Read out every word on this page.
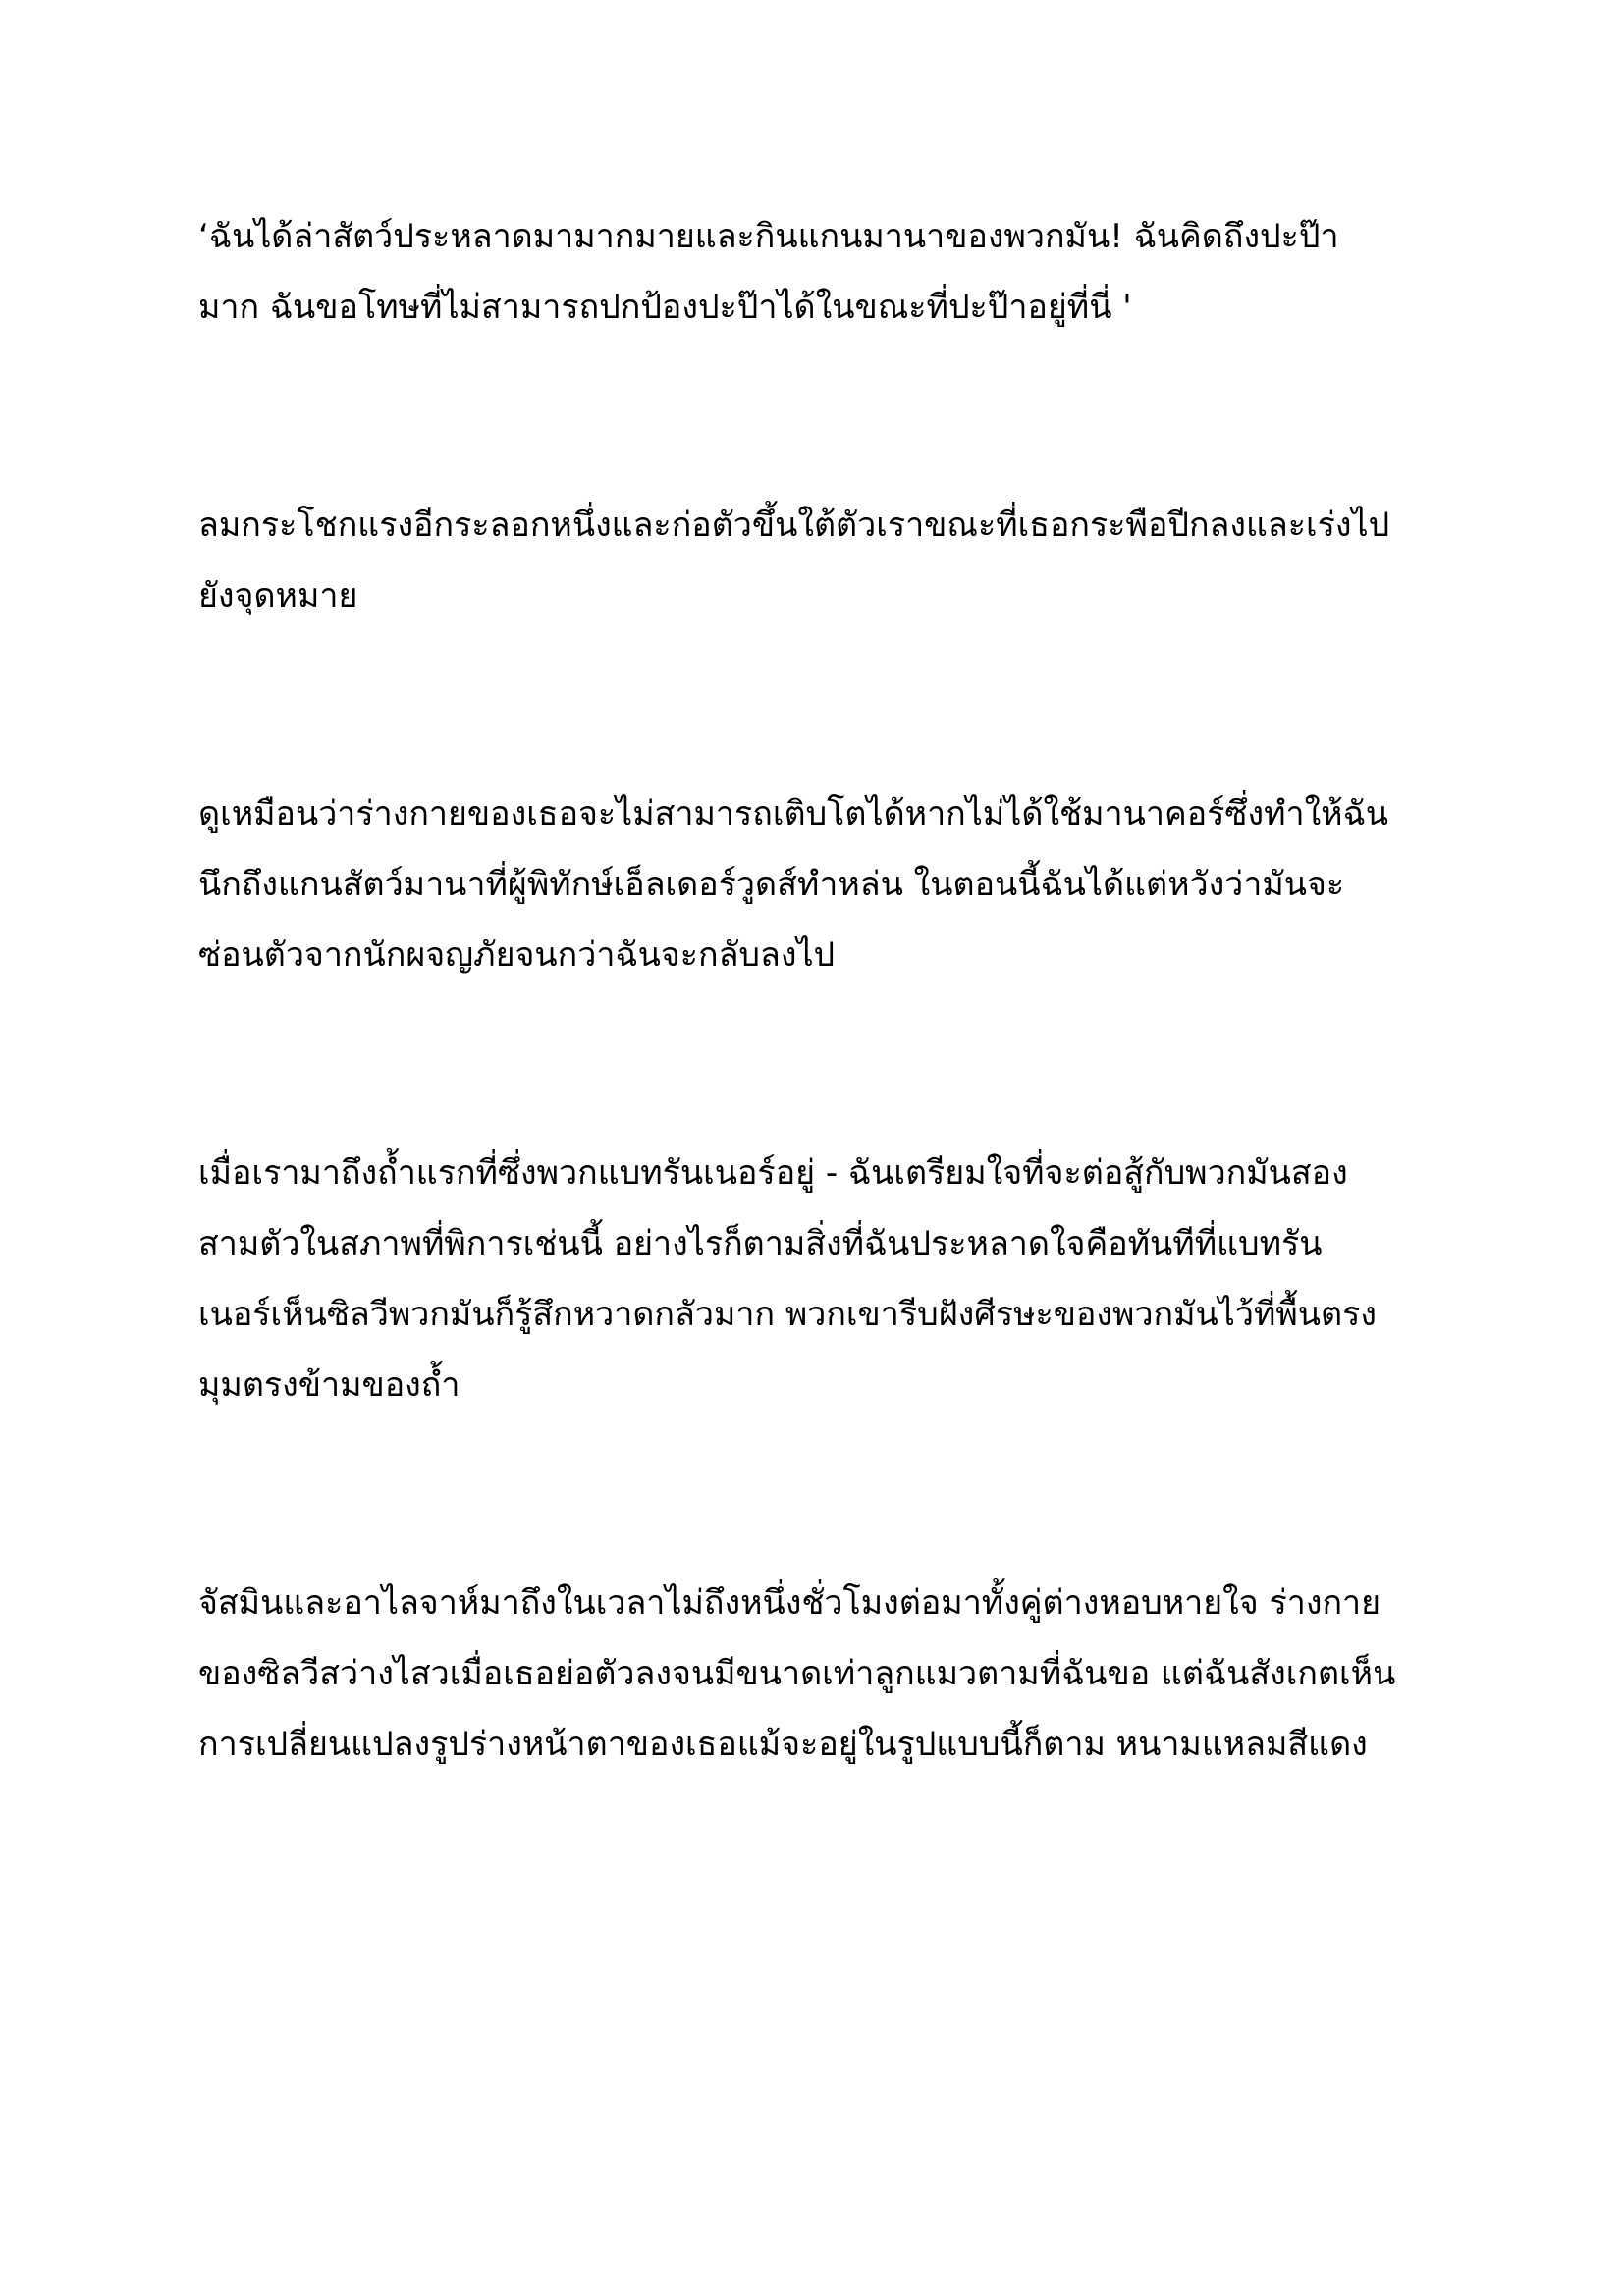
‘ฉันได้ล่าสัตว์ประหลาดมามากมายและกินแกนมานาของพวกมัน! ฉันคิดถึงปะป๊า
มาก ฉันขอโทษที่ไม่สามารถปกป้องปะป๊าได้ในขณะที่ปะป๊าอยู่ที่นี่ '

ลมกระโชกแรงอีกระลอกหนึ่งและก่อตัวขึ้นใต้ตัวเราขณะที่เธอกระพือปีกลงและเร่งไป
ยังจุดหมาย

ดูเหมือนว่าร่างกายของเธอจะไม่สามารถเติบโตได้หากไม่ได้ใช้มานาคอร์ซึ่งทำให้ฉัน
นึกถึงแกนสัตว์มานาที่ผู้พิทักษ์เอ็ลเดอร์วูดส์ทำหล่น ในตอนนี้ฉันได้แต่หวังว่ามันจะ
ซ่อนตัวจากนักผจญภัยจนกว่าฉันจะกลับลงไป

เมื่อเรามาถึงถ้ำแรกที่ซึ่งพวกแบทรันเนอร์อยู่ - ฉันเตรียมใจที่จะต่อสู้กับพวกมันสอง
สามตัวในสภาพที่พิการเช่นนี้ อย่างไรก็ตามสิ่งที่ฉันประหลาดใจคือทันทีที่แบทรัน
เนอร์เห็นซิลวีพวกมันก็รู้สึกหวาดกลัวมาก พวกเขารีบฝังศีรษะของพวกมันไว้ที่พื้นตรง
มุมตรงข้ามของถ้ำ

จัสมินและอาไลจาห์มาถึงในเวลาไม่ถึงหนึ่งชั่วโมงต่อมาทั้งคู่ต่างหอบหายใจ ร่างกาย
ของซิลวีสว่างไสวเมื่อเธอย่อตัวลงจนมีขนาดเท่าลูกแมวตามที่ฉันขอ แต่ฉันสังเกตเห็น
การเปลี่ยนแปลงรูปร่างหน้าตาของเธอแม้จะอยู่ในรูปแบบนี้ก็ตาม หนามแหลมสีแดง
